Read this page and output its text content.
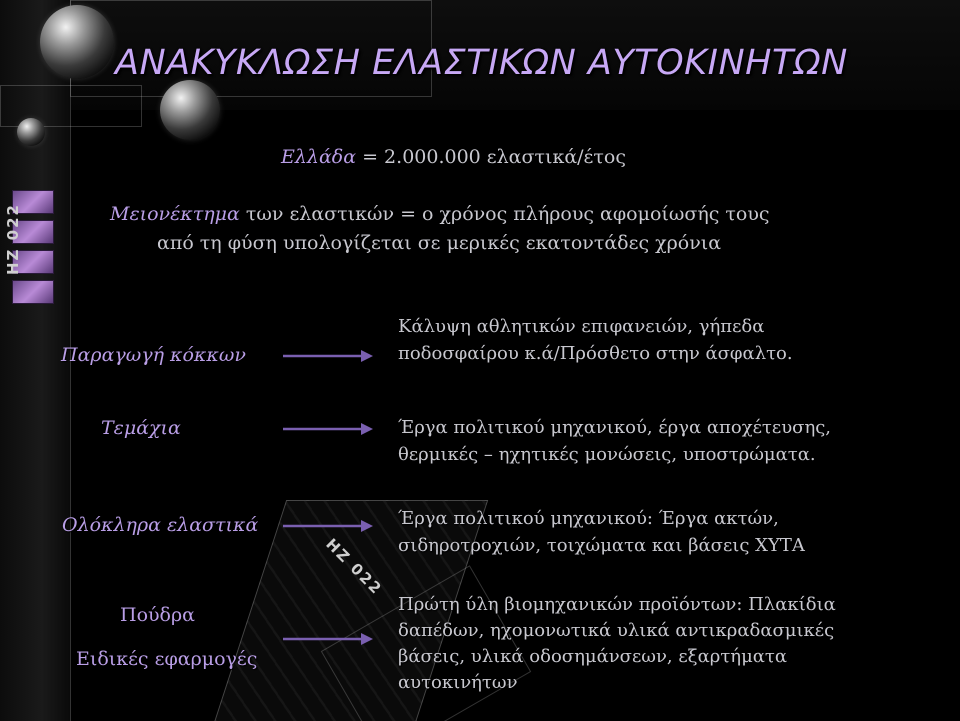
HZ 022
HZ 022
ΑΝΑΚΥΚΛΩΣΗ ΕΛΑΣΤΙΚΩΝ ΑΥΤΟΚΙΝΗΤΩΝ
Ελλάδα = 2.000.000 ελαστικά/έτος
Μειονέκτημα των ελαστικών = ο χρόνος πλήρους αφομοίωσής τους
από τη φύση υπολογίζεται σε μερικές εκατοντάδες χρόνια
Παραγωγή κόκκων

Κάλυψη αθλητικών επιφανειών, γήπεδα

ποδοσφαίρου κ.ά/Πρόσθετο στην άσφαλτο.

Τεμάχια	Έργα πολιτικού μηχανικού, έργα αποχέτευσης,

θερμικές – ηχητικές μονώσεις, υποστρώματα.

Ολόκληρα ελαστικά	Έργα πολιτικού μηχανικού: Έργα ακτών,

σιδηροτροχιών, τοιχώματα και βάσεις ΧΥΤΑ

Πούδρα
Ειδικές εφαρμογές

Πρώτη ύλη βιομηχανικών προϊόντων: Πλακίδια

δαπέδων, ηχομονωτικά υλικά αντικραδασμικές

βάσεις, υλικά οδοσημάνσεων, εξαρτήματα

αυτοκινήτων
